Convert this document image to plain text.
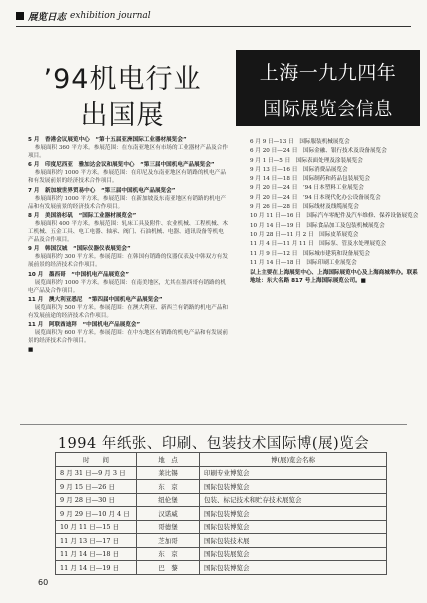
展览日志 exhibition journal
’94机电行业
出国展
上海一九九四年
国际展览会信息
5 月　香港会议展览中心　“第十五届亚洲国际工业器材展览会”
参展面积 360 平方米。参展范围：在东南亚地区有市场的工业器材产品及合作项目。
6 月　印度尼西亚　雅加达会议和展览中心　“第三届中国机电产品展览会”
参展面积约 1000 平方米。参展范围：在印尼及东南亚地区有销路的机电产品和有发展前景的经济技术合作项目。
7 月　新加坡世界贸易中心　“第三届中国机电产品展览会”
参展面积约 1000 平方米。参展范围：在新加坡及东南亚地区有销路的机电产品和有发展前景的经济技术合作项目。
8 月　美国洛杉矶　“国际工业器材展览会”
参展面积 400 平方米。参展范围：轧床工具及附件、农业机械、工程机械、木工机械、五金工具、电工电器、轴承、阀门、石油机械、电器、通讯设备等机电产品及合作项目。
9 月　韩国汉城　“国际仪器仪表展览会”
参展面积约 300 平方米。参展范围：在韩国有销路的仪器仪表及中韩双方有发展前景的经济技术合作项目。
10 月　墨西哥　“中国机电产品展览会”
展览面积约 1000 平方米。参展范围：在南美地区，尤其在墨西哥有销路的机电产品及合作项目。
11 月　澳大利亚悉尼　“第四届中国机电产品展览会”
展览面积为 500 平方米。参展范围：在澳大利亚、新西兰有销路的机电产品和有发展前途的经济技术合作项目。
11 月　阿联酋迪拜　“中国机电产品展览会”
展览面积为 600 平方米。参展范围：在中东地区有销路的机电产品和有发展前景的经济技术合作项目。
■
6 月 9 日—13 日　国际服装机械展览会
6 月 20 日—24 日　国际金融、银行技术及设备展览会
9 月 1 日—5 日　国际表面处理及涂装展览会
9 月 13 日—16 日　国际消费品展览会
9 月 14 日—18 日　国际制药和药品包装展览会
9 月 20 日—24 日　’94 日本塑料工业展览会
9 月 20 日—24 日　’94 日本现代化办公设备展览会
9 月 26 日—28 日　国际线材及线缆展览会
10 月 11 日—16 日　国际汽车零配件及汽车维修、保养设备展览会
10 月 14 日—19 日　国际食品加工及包装机械展览会
10 月 28 日—11 月 2 日　国际皮革展览会
11 月 4 日—11 月 11 日　国际泵、管及水处理展览会
11 月 9 日—12 日　国际城市建筑和设备展览会
11 月 14 日—18 日　国际印刷工业展览会
以上主要在上海展览中心、上海国际展览中心及上海商城举办。联系地址：东大名路 817 号上海国际展览公司。■
1994 年纸张、印刷、包装技术国际博(展)览会
时　　间	地　点	博(展)览会名称
8 月 31 日—9 月 3 日	莱比锡	印刷专业博览会
9 月 15 日—26 日	东　京	国际包装博览会
9 月 28 日—30 日	纽伦堡	包装、标记技术和贮存技术展览会
9 月 29 日—10 月 4 日	汉诺威	国际包装博览会
10 月 11 日—15 日	哥德堡	国际包装博览会
11 月 13 日—17 日	芝加哥	国际包装技术展
11 月 14 日—18 日	东　京	国际包装展览会
11 月 14 日—19 日	巴　黎	国际包装博览会
60
